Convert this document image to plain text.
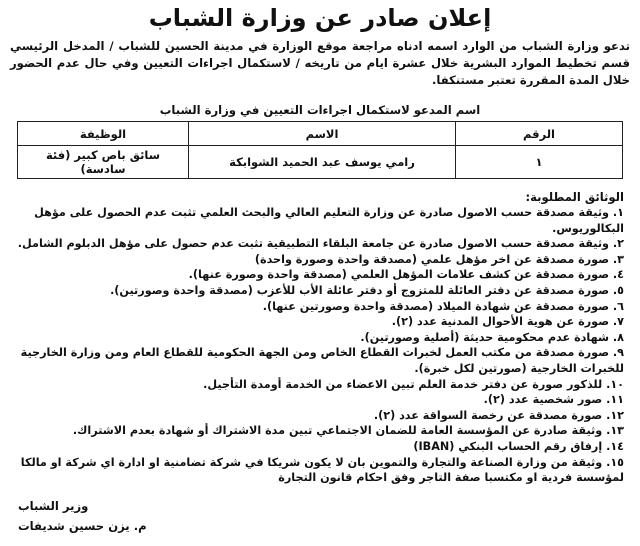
إعلان صادر عن وزارة الشباب
تدعو وزارة الشباب من الوارد اسمه ادناه مراجعة موقع الوزارة في مدينة الحسين للشباب / المدخل الرئيسي قسم تخطيط الموارد البشرية خلال عشرة ايام من تاريخه / لاستكمال اجراءات التعيين وفي حال عدم الحضور خلال المدة المقررة تعتبر مستنكفا.
اسم المدعو لاستكمال اجراءات التعيين في وزارة الشباب
الرقم	الاسم	الوظيفة
١	رامي يوسف عبد الحميد الشوابكة	سائق باص كبير (فئة سادسة)
الوثائق المطلوبة:
١. وثيقة مصدقة حسب الاصول صادرة عن وزارة التعليم العالي والبحث العلمي تثبت عدم الحصول على مؤهل البكالوريوس.
٢. وثيقة مصدقة حسب الاصول صادرة عن جامعة البلقاء التطبيقية تثبت عدم حصول على مؤهل الدبلوم الشامل.
٣. صورة مصدقة عن اخر مؤهل علمي (مصدقة واحدة وصورة واحدة)
٤. صورة مصدقة عن كشف علامات المؤهل العلمي (مصدقة واحدة وصورة عنها).
٥. صورة مصدقة عن دفتر العائلة للمتزوج أو دفتر عائلة الأب للأعزب (مصدقة واحدة وصورتين).
٦. صورة مصدقة عن شهادة الميلاد (مصدقة واحدة وصورتين عنها).
٧. صورة عن هوية الأحوال المدنية عدد (٢).
٨. شهادة عدم محكومية حديثة (أصلية وصورتين).
٩. صورة مصدقة من مكتب العمل لخبرات القطاع الخاص ومن الجهة الحكومية للقطاع العام ومن وزارة الخارجية للخبرات الخارجية (صورتين لكل خبرة).
١٠. للذكور صورة عن دفتر خدمة العلم تبين الاعضاء من الخدمة أومدة التأجيل.
١١. صور شخصية عدد (٢).
١٢. صورة مصدقة عن رخصة السواقة عدد (٢).
١٣. وثيقة صادرة عن المؤسسة العامة للضمان الاجتماعي تبين مدة الاشتراك أو شهادة بعدم الاشتراك.
١٤. إرفاق رقم الحساب البنكي (IBAN)
١٥. وثيقة من وزارة الصناعة والتجارة والتموين بان لا يكون شريكا في شركة تضامنية او ادارة اي شركة او مالكا لمؤسسة فردية او مكتسبا صفة التاجر وفق احكام قانون التجارة
وزير الشباب
م. يزن حسين شديفات
